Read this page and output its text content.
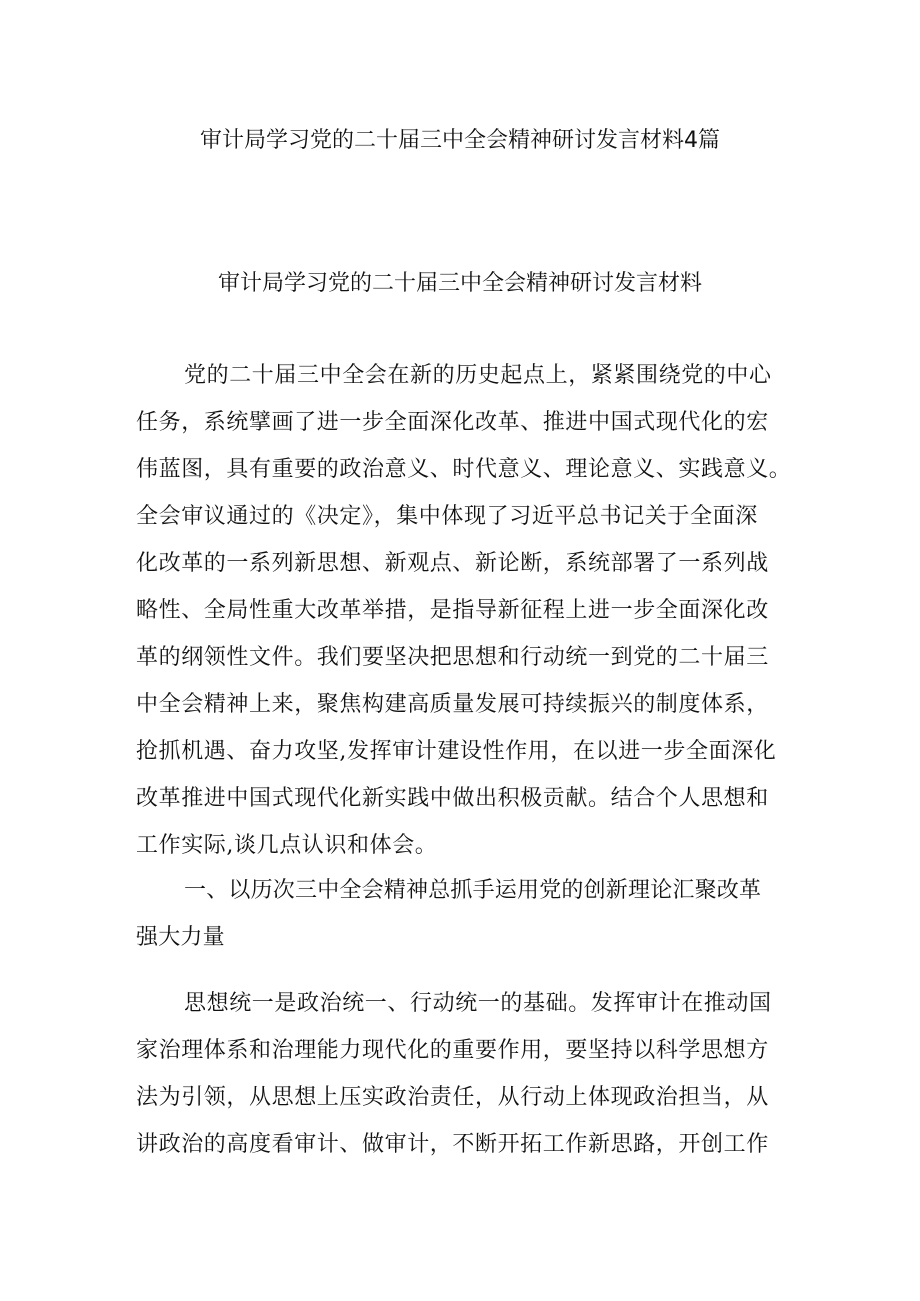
审计局学习党的二十届三中全会精神研讨发言材料4篇
审计局学习党的二十届三中全会精神研讨发言材料
党的二十届三中全会在新的历史起点上，紧紧围绕党的中心
任务，系统擘画了进一步全面深化改革、推进中国式现代化的宏
伟蓝图，具有重要的政治意义、时代意义、理论意义、实践意义。
全会审议通过的《决定》，集中体现了习近平总书记关于全面深
化改革的一系列新思想、新观点、新论断，系统部署了一系列战
略性、全局性重大改革举措，是指导新征程上进一步全面深化改
革的纲领性文件。我们要坚决把思想和行动统一到党的二十届三
中全会精神上来，聚焦构建高质量发展可持续振兴的制度体系，
抢抓机遇、奋力攻坚,发挥审计建设性作用，在以进一步全面深化
改革推进中国式现代化新实践中做出积极贡献。结合个人思想和
工作实际,谈几点认识和体会。
一、以历次三中全会精神总抓手运用党的创新理论汇聚改革
强大力量
思想统一是政治统一、行动统一的基础。发挥审计在推动国
家治理体系和治理能力现代化的重要作用，要坚持以科学思想方
法为引领，从思想上压实政治责任，从行动上体现政治担当，从
讲政治的高度看审计、做审计，不断开拓工作新思路，开创工作
